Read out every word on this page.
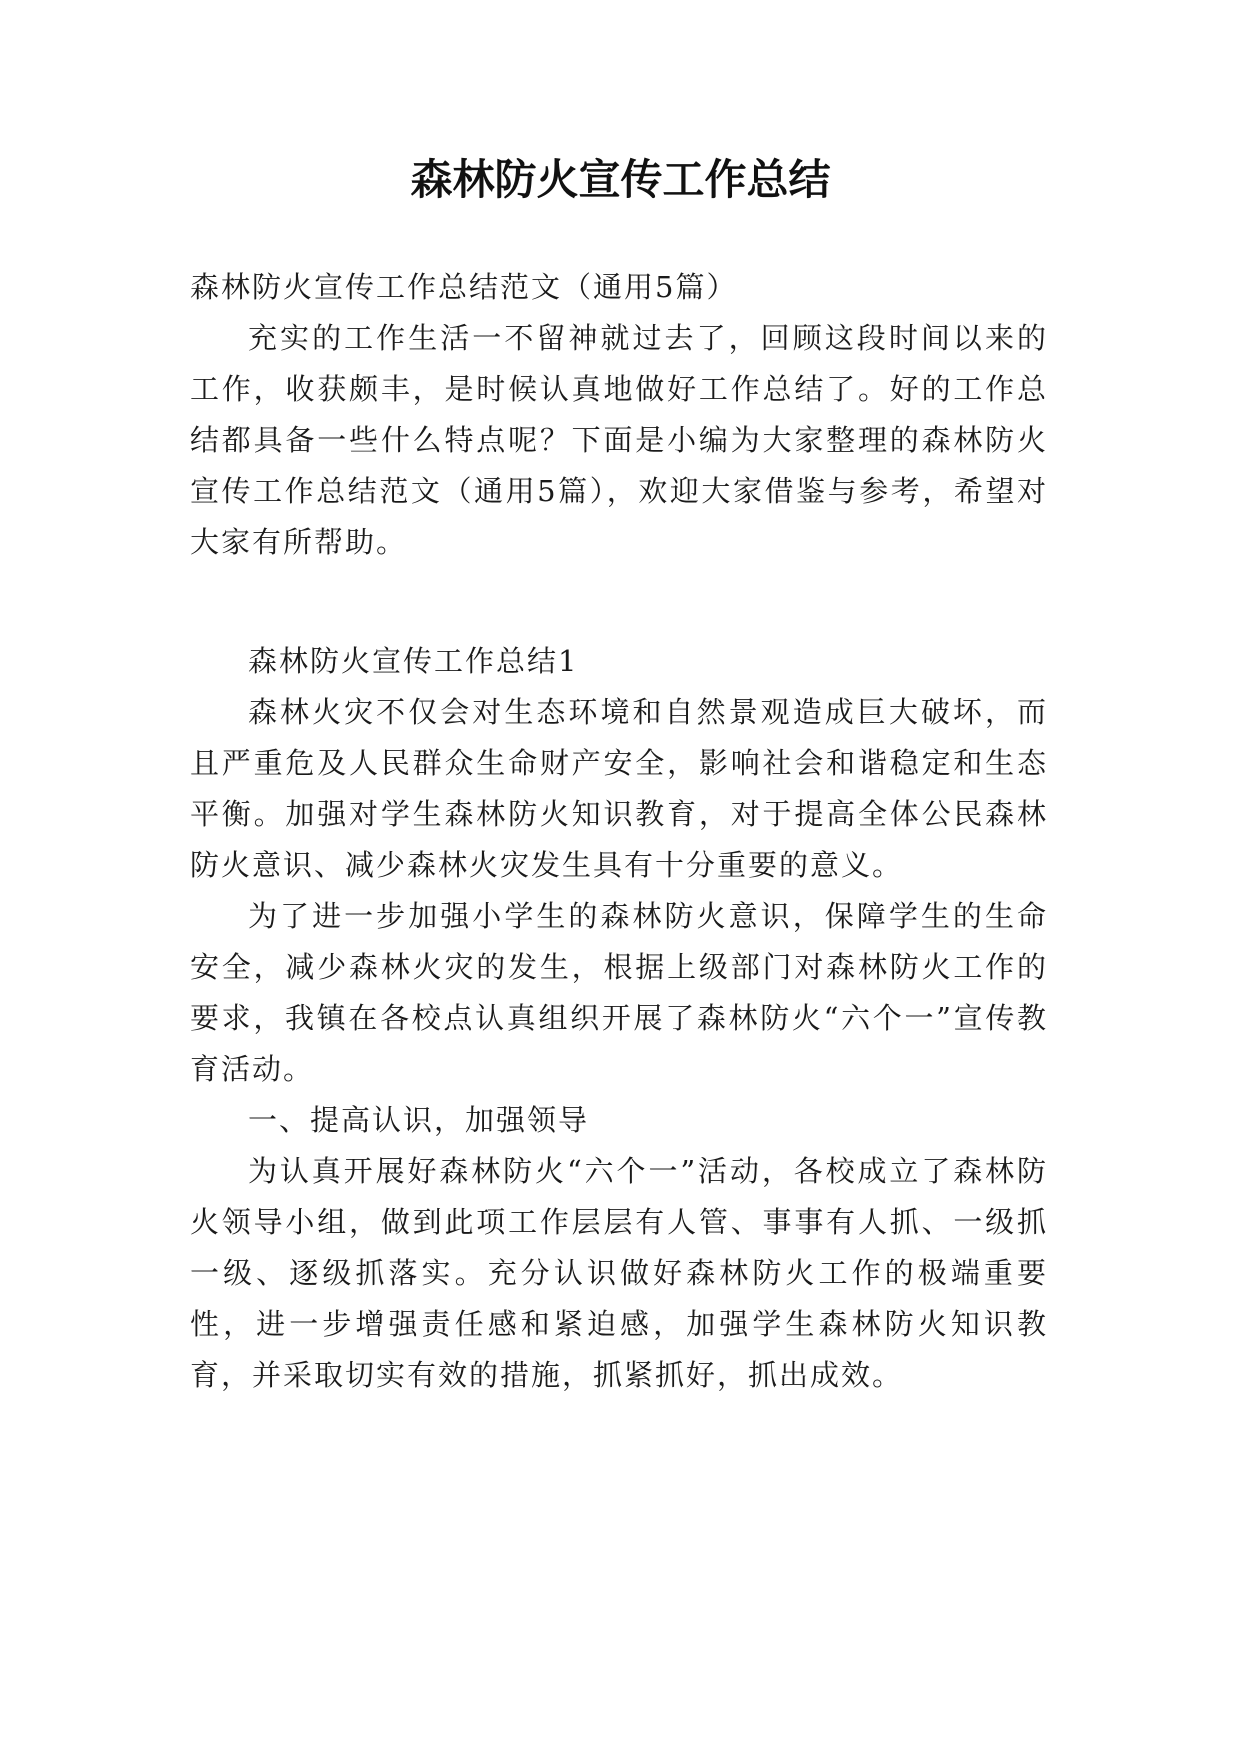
森林防火宣传工作总结

森林防火宣传工作总结范文（通用5篇）

充实的工作生活一不留神就过去了，回顾这段时间以来的工作，收获颇丰，是时候认真地做好工作总结了。好的工作总结都具备一些什么特点呢？下面是小编为大家整理的森林防火宣传工作总结范文（通用5篇），欢迎大家借鉴与参考，希望对大家有所帮助。

森林防火宣传工作总结1

森林火灾不仅会对生态环境和自然景观造成巨大破坏，而且严重危及人民群众生命财产安全，影响社会和谐稳定和生态平衡。加强对学生森林防火知识教育，对于提高全体公民森林防火意识、减少森林火灾发生具有十分重要的意义。

为了进一步加强小学生的森林防火意识，保障学生的生命安全，减少森林火灾的发生，根据上级部门对森林防火工作的要求，我镇在各校点认真组织开展了森林防火“六个一”宣传教育活动。

一、提高认识，加强领导

为认真开展好森林防火“六个一”活动，各校成立了森林防火领导小组，做到此项工作层层有人管、事事有人抓、一级抓一级、逐级抓落实。充分认识做好森林防火工作的极端重要性，进一步增强责任感和紧迫感，加强学生森林防火知识教育，并采取切实有效的措施，抓紧抓好，抓出成效。
